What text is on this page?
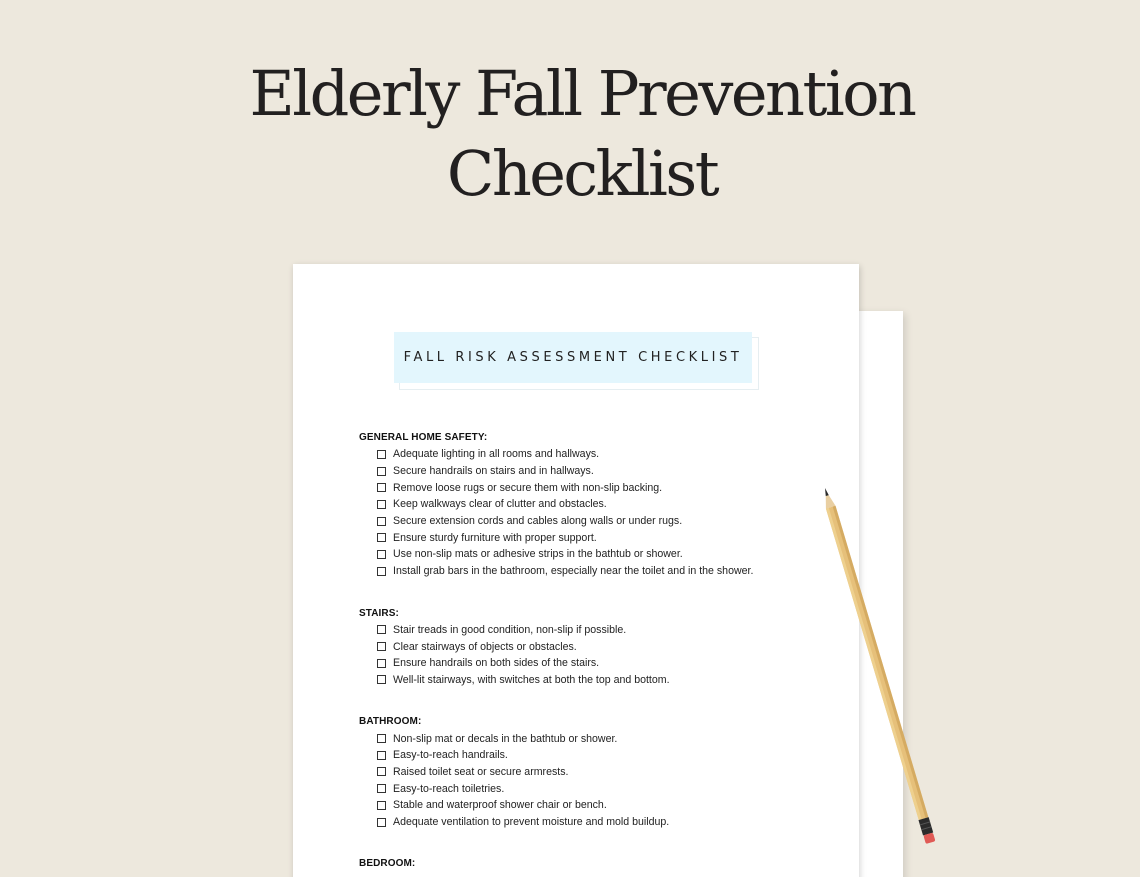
Elderly Fall Prevention
Checklist
FALL RISK ASSESSMENT CHECKLIST
GENERAL HOME SAFETY:
Adequate lighting in all rooms and hallways.
Secure handrails on stairs and in hallways.
Remove loose rugs or secure them with non-slip backing.
Keep walkways clear of clutter and obstacles.
Secure extension cords and cables along walls or under rugs.
Ensure sturdy furniture with proper support.
Use non-slip mats or adhesive strips in the bathtub or shower.
Install grab bars in the bathroom, especially near the toilet and in the shower.
STAIRS:
Stair treads in good condition, non-slip if possible.
Clear stairways of objects or obstacles.
Ensure handrails on both sides of the stairs.
Well-lit stairways, with switches at both the top and bottom.
BATHROOM:
Non-slip mat or decals in the bathtub or shower.
Easy-to-reach handrails.
Raised toilet seat or secure armrests.
Easy-to-reach toiletries.
Stable and waterproof shower chair or bench.
Adequate ventilation to prevent moisture and mold buildup.
BEDROOM:
